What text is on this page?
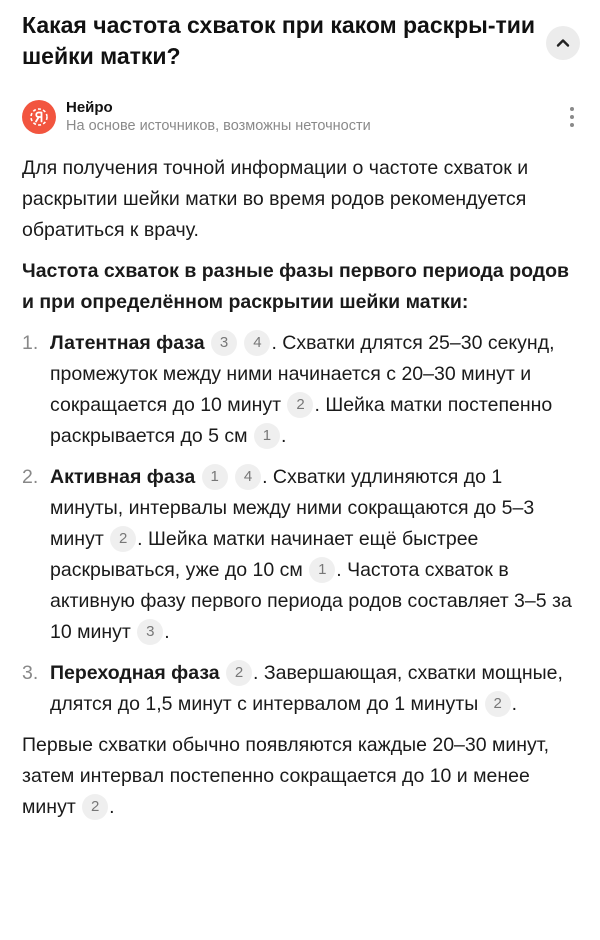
Какая частота схваток при каком раскры-тии шейки матки?
Нейро
На основе источников, возможны неточности

Для получения точной информации о частоте схваток и раскрытии шейки матки во время родов рекомендуется обратиться к врачу.

Частота схваток в разные фазы первого периода родов и при определённом раскрытии шейки матки:

1. Латентная фаза 3 4 . Схватки длятся 25–30 секунд, промежуток между ними начинается с 20–30 минут и сокращается до 10 минут 2 . Шейка матки постепенно раскрывается до 5 см 1 .
2. Активная фаза 1 4 . Схватки удлиняются до 1 минуты, интервалы между ними сокращаются до 5–3 минут 2 . Шейка матки начинает ещё быстрее раскрываться, уже до 10 см 1 . Частота схваток в активную фазу первого периода родов составляет 3–5 за 10 минут 3 .
3. Переходная фаза 2 . Завершающая, схватки мощные, длятся до 1,5 минут с интервалом до 1 минуты 2 .

Первые схватки обычно появляются каждые 20–30 минут, затем интервал постепенно сокращается до 10 и менее минут 2 .
